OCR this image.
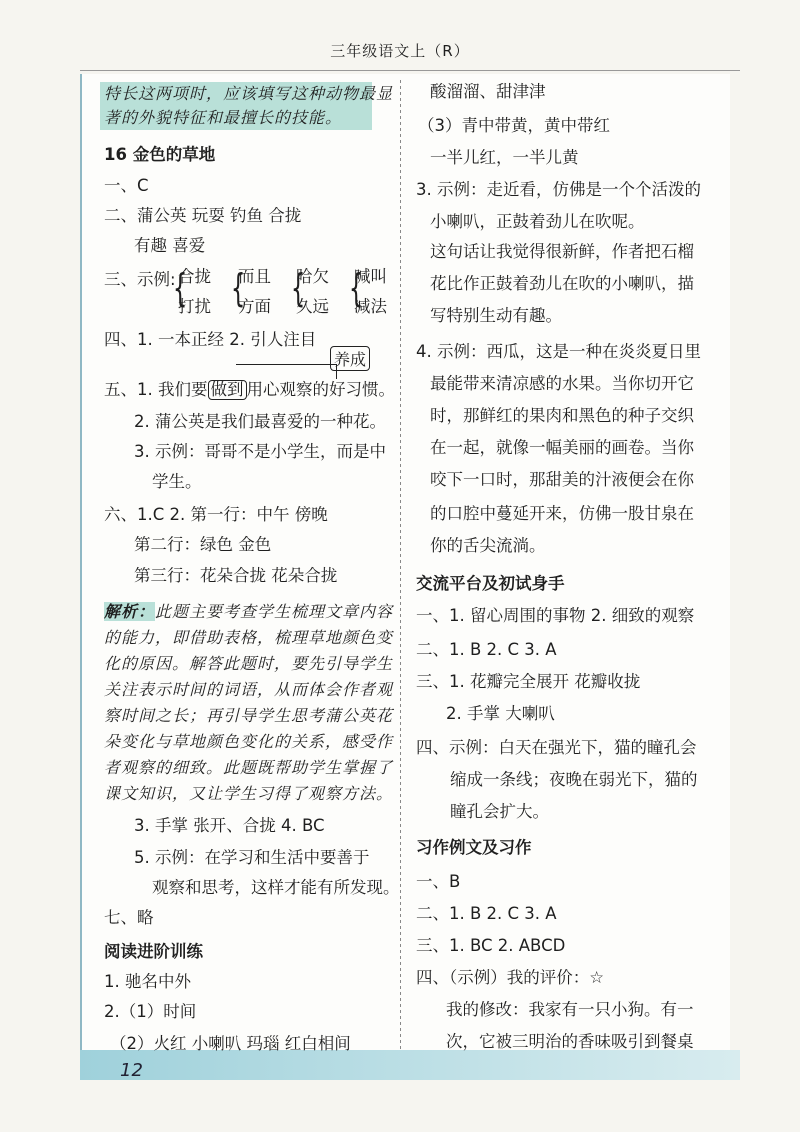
三年级语文上（R）
12
特长这两项时，应该填写这种动物最显
著的外貌特征和最擅长的技能。
16 金色的草地
一、C
二、蒲公英 玩耍 钓鱼 合拢
有趣 喜爱
三、示例:
{
合拢
打扰 {
而且
方面 {
哈欠
久远 {
喊叫
减法
四、1. 一本正经 2. 引人注目
养成
五、1. 我们要 做到 用心观察的好习惯。
2. 蒲公英是我们最喜爱的一种花。
3. 示例：哥哥不是小学生，而是中
学生。
六、1.C 2. 第一行：中午 傍晚
第二行：绿色 金色
第三行：花朵合拢 花朵合拢
解析：此题主要考查学生梳理文章内容
的能力，即借助表格，梳理草地颜色变
化的原因。解答此题时，要先引导学生
关注表示时间的词语，从而体会作者观
察时间之长；再引导学生思考蒲公英花
朵变化与草地颜色变化的关系，感受作
者观察的细致。此题既帮助学生掌握了
课文知识，又让学生习得了观察方法。
3. 手掌 张开、合拢 4. BC
5. 示例：在学习和生活中要善于
观察和思考，这样才能有所发现。
七、略
阅读进阶训练
1. 驰名中外
2.（1）时间
（2）火红 小喇叭 玛瑙 红白相间
酸溜溜、甜津津
（3）青中带黄，黄中带红
一半儿红，一半儿黄
3. 示例：走近看，仿佛是一个个活泼的
小喇叭，正鼓着劲儿在吹呢。
这句话让我觉得很新鲜，作者把石榴
花比作正鼓着劲儿在吹的小喇叭，描
写特别生动有趣。
4. 示例：西瓜，这是一种在炎炎夏日里
最能带来清凉感的水果。当你切开它
时，那鲜红的果肉和黑色的种子交织
在一起，就像一幅美丽的画卷。当你
咬下一口时，那甜美的汁液便会在你
的口腔中蔓延开来，仿佛一股甘泉在
你的舌尖流淌。
交流平台及初试身手
一、1. 留心周围的事物 2. 细致的观察
二、1. B 2. C 3. A
三、1. 花瓣完全展开 花瓣收拢
2. 手掌 大喇叭
四、示例：白天在强光下，猫的瞳孔会
缩成一条线；夜晚在弱光下，猫的
瞳孔会扩大。
习作例文及习作
一、B
二、1. B 2. C 3. A
三、1. BC 2. ABCD
四、（示例）我的评价：☆
我的修改：我家有一只小狗。有一
次，它被三明治的香味吸引到餐桌
